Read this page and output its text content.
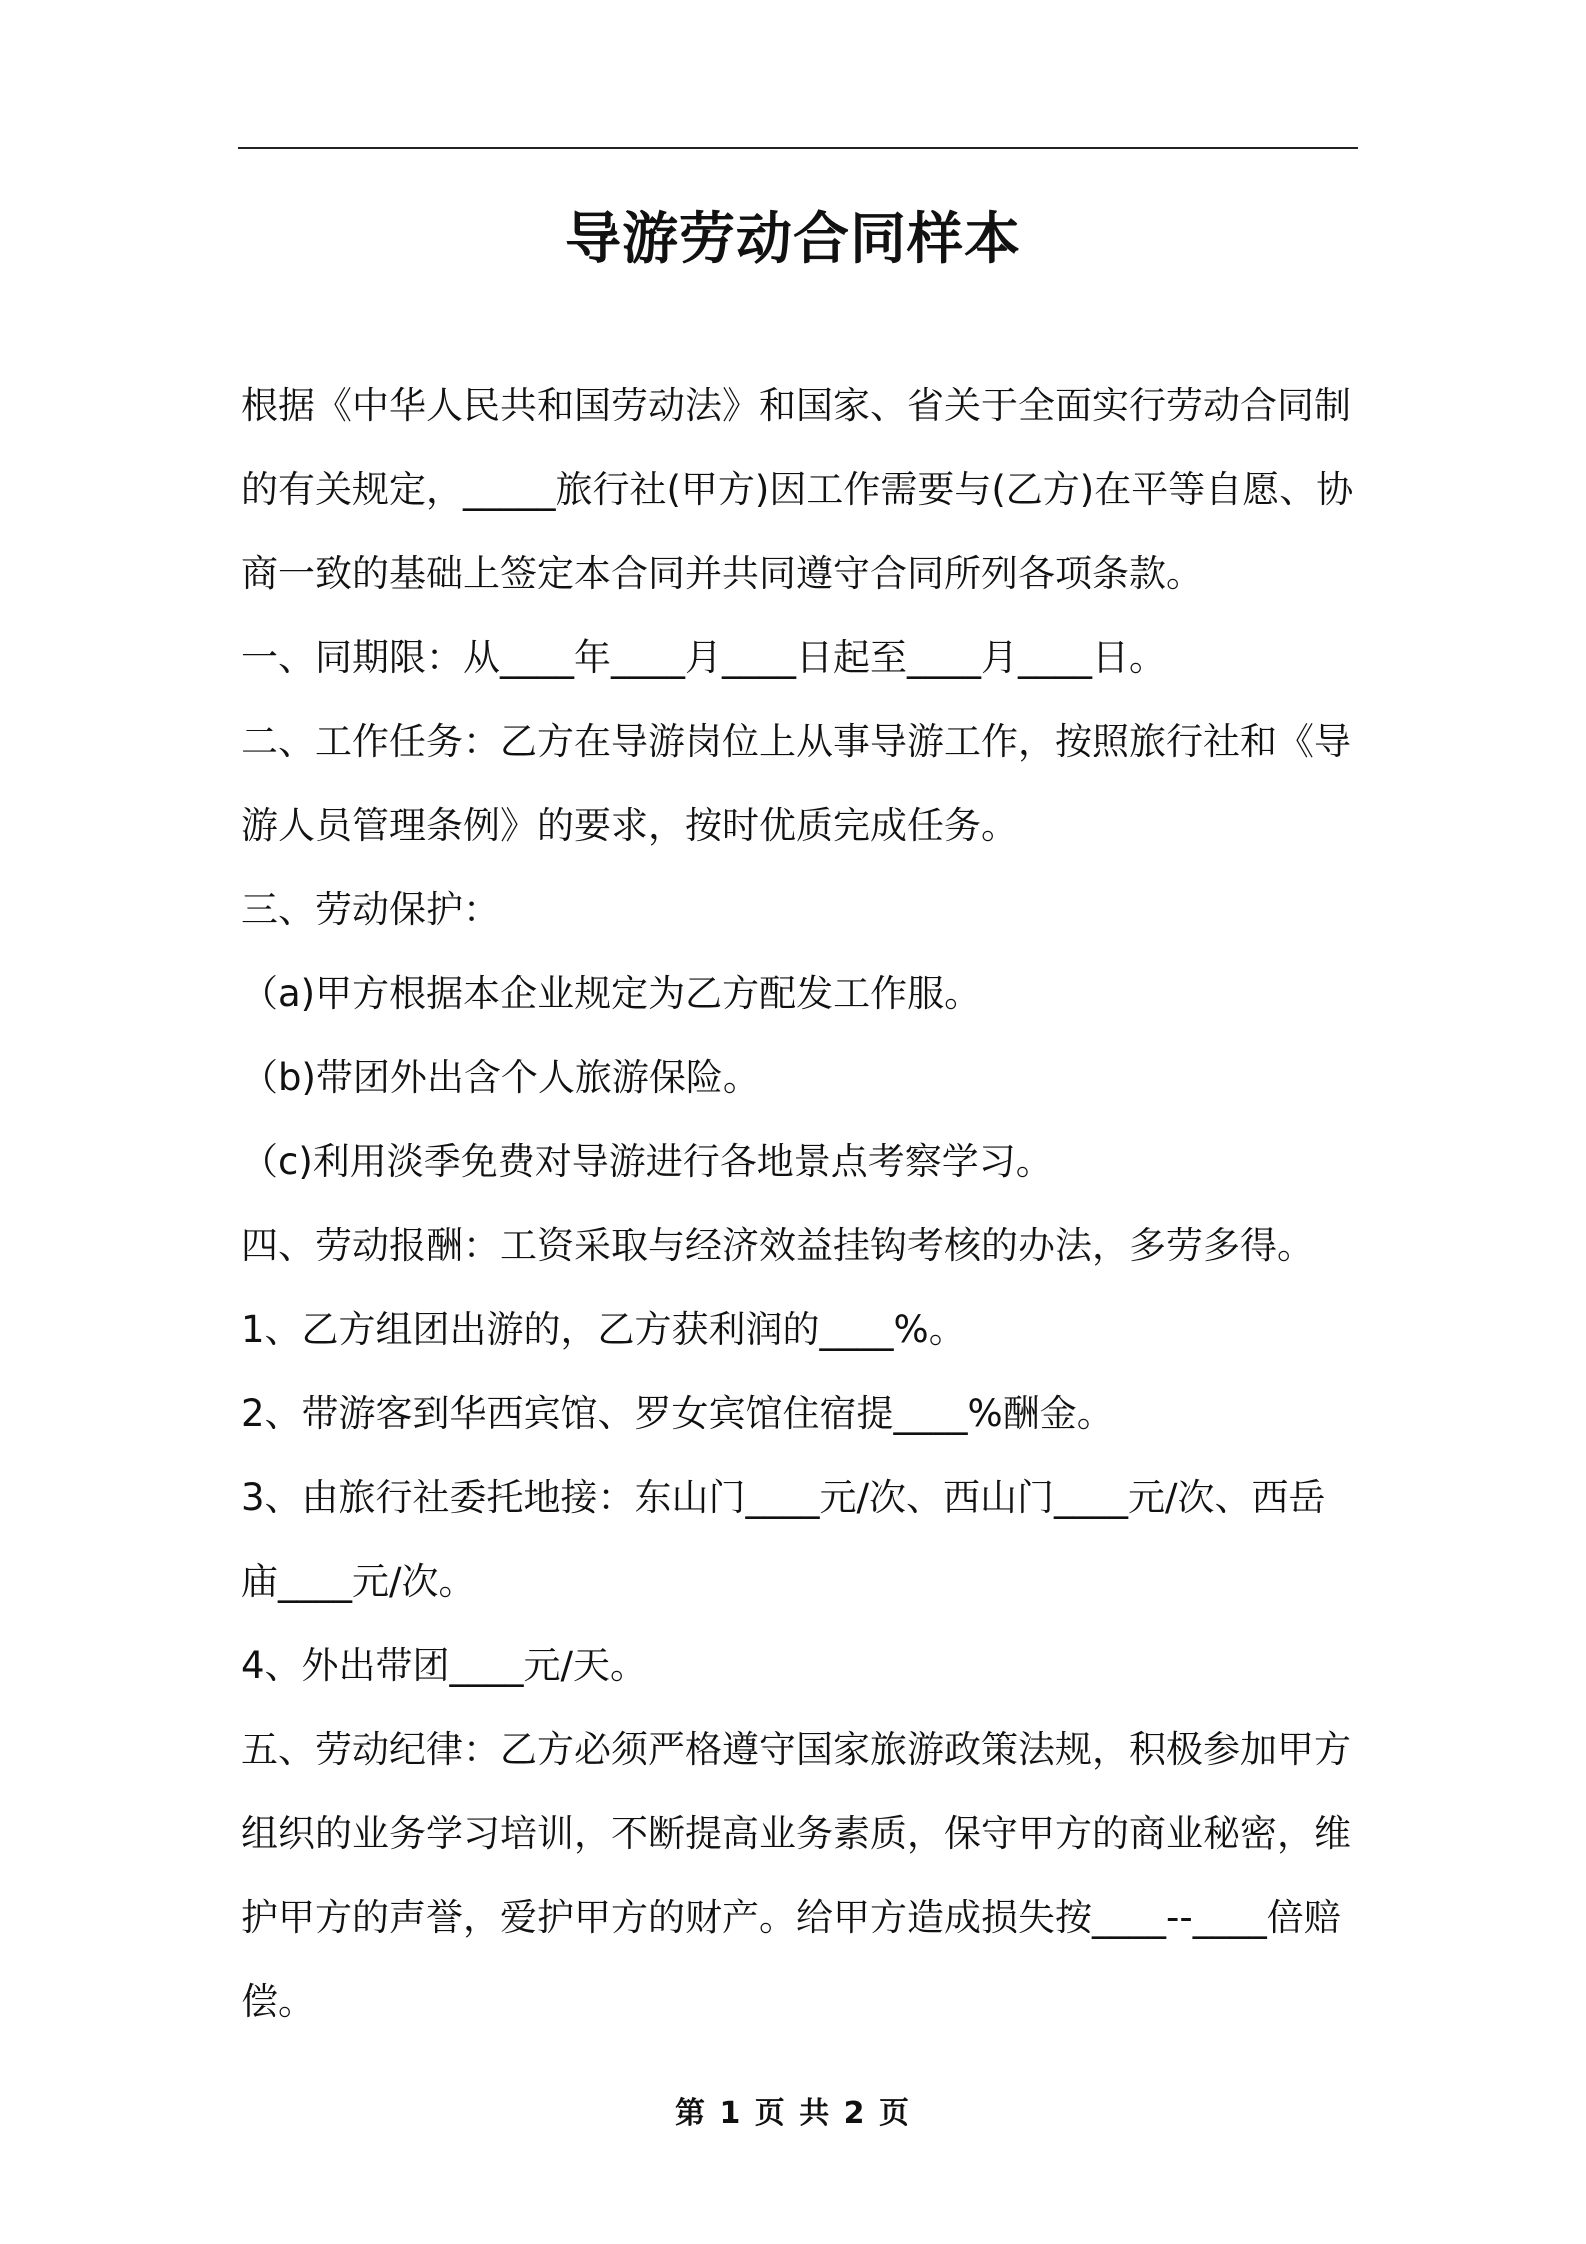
导游劳动合同样本

根据《中华人民共和国劳动法》和国家、省关于全面实行劳动合同制的有关规定，_____旅行社(甲方)因工作需要与(乙方)在平等自愿、协商一致的基础上签定本合同并共同遵守合同所列各项条款。

一、同期限：从____年____月____日起至____月____日。

二、工作任务：乙方在导游岗位上从事导游工作，按照旅行社和《导游人员管理条例》的要求，按时优质完成任务。

三、劳动保护：

（a)甲方根据本企业规定为乙方配发工作服。

（b)带团外出含个人旅游保险。

（c)利用淡季免费对导游进行各地景点考察学习。

四、劳动报酬：工资采取与经济效益挂钩考核的办法，多劳多得。

1、乙方组团出游的，乙方获利润的____%。

2、带游客到华西宾馆、罗女宾馆住宿提____%酬金。

3、由旅行社委托地接：东山门____元/次、西山门____元/次、西岳庙____元/次。

4、外出带团____元/天。

五、劳动纪律：乙方必须严格遵守国家旅游政策法规，积极参加甲方组织的业务学习培训，不断提高业务素质，保守甲方的商业秘密，维护甲方的声誉，爱护甲方的财产。给甲方造成损失按____--____倍赔偿。

第 1 页 共 2 页
